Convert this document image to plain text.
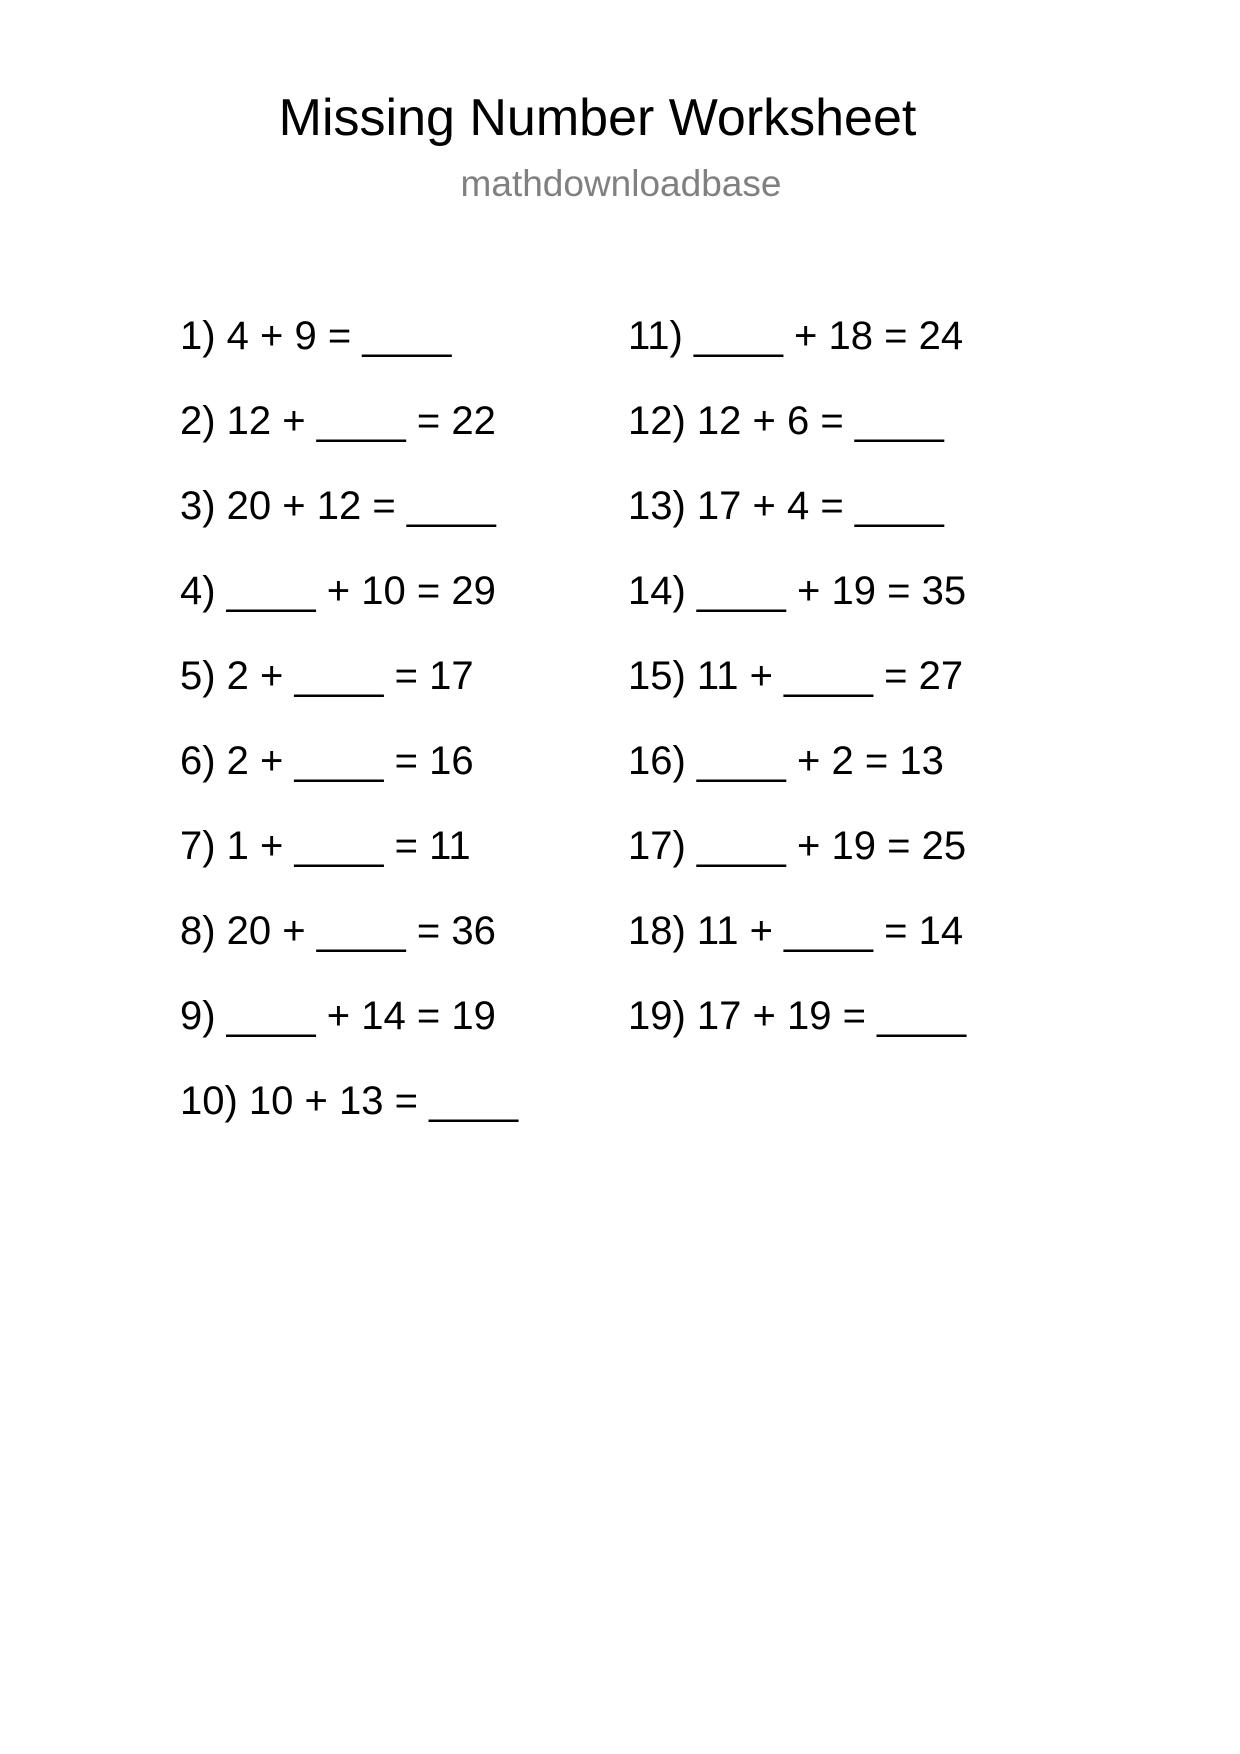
Missing Number Worksheet
mathdownloadbase
1) 4 + 9 = ____
2) 12 + ____ = 22
3) 20 + 12 = ____
4) ____ + 10 = 29
5) 2 + ____ = 17
6) 2 + ____ = 16
7) 1 + ____ = 11
8) 20 + ____ = 36
9) ____ + 14 = 19
10) 10 + 13 = ____
11) ____ + 18 = 24
12) 12 + 6 = ____
13) 17 + 4 = ____
14) ____ + 19 = 35
15) 11 + ____ = 27
16) ____ + 2 = 13
17) ____ + 19 = 25
18) 11 + ____ = 14
19) 17 + 19 = ____
